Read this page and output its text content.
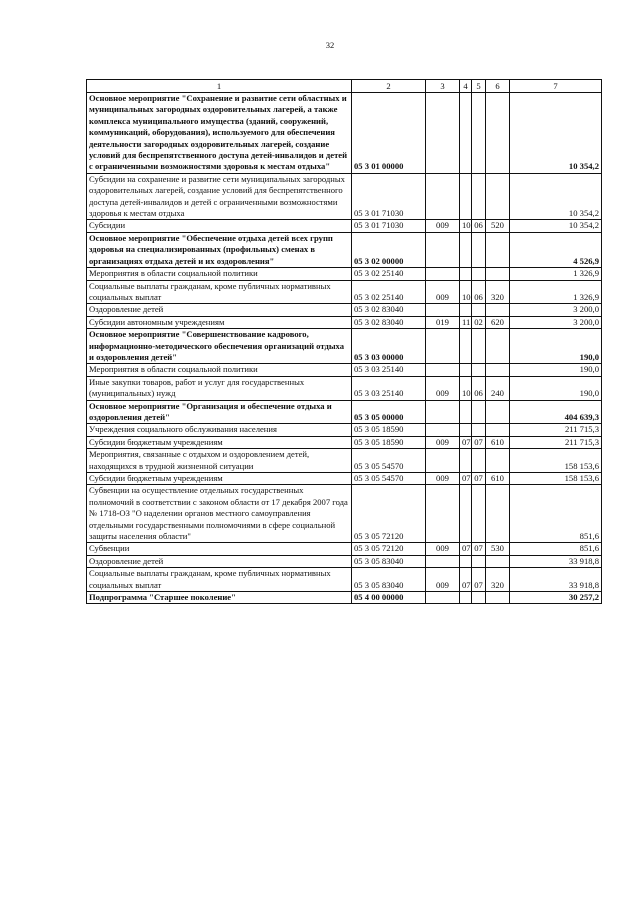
32
1	2	3	4	5	6	7
Основное мероприятие "Сохранение и развитие сети областных и муниципальных загородных оздоровительных лагерей, а также комплекса муниципального имущества (зданий, сооружений, коммуникаций, оборудования), используемого для обеспечения деятельности загородных оздоровительных лагерей, создание условий для беспрепятственного доступа детей-инвалидов и детей с ограниченными возможностями здоровья к местам отдыха"	05 3 01 00000					10 354,2
Субсидии на сохранение и развитие сети муниципальных загородных оздоровительных лагерей, создание условий для беспрепятственного доступа детей-инвалидов и детей с ограниченными возможностями здоровья к местам отдыха	05 3 01 71030					10 354,2
Субсидии	05 3 01 71030	009	10	06	520	10 354,2
Основное мероприятие "Обеспечение отдыха детей всех групп здоровья на специализированных (профильных) сменах в организациях отдыха детей и их оздоровления"	05 3 02 00000					4 526,9
Мероприятия в области социальной политики	05 3 02 25140					1 326,9
Социальные выплаты гражданам, кроме публичных нормативных социальных выплат	05 3 02 25140	009	10	06	320	1 326,9
Оздоровление детей	05 3 02 83040					3 200,0
Субсидии автономным учреждениям	05 3 02 83040	019	11	02	620	3 200,0
Основное мероприятие "Совершенствование кадрового, информационно-методического обеспечения организаций отдыха и оздоровления детей"	05 3 03 00000					190,0
Мероприятия в области социальной политики	05 3 03 25140					190,0
Иные закупки товаров, работ и услуг для государственных (муниципальных) нужд	05 3 03 25140	009	10	06	240	190,0
Основное мероприятие "Организация и обеспечение отдыха и оздоровления детей"	05 3 05 00000					404 639,3
Учреждения социального обслуживания населения	05 3 05 18590					211 715,3
Субсидии бюджетным учреждениям	05 3 05 18590	009	07	07	610	211 715,3
Мероприятия, связанные с отдыхом и оздоровлением детей, находящихся в трудной жизненной ситуации	05 3 05 54570					158 153,6
Субсидии бюджетным учреждениям	05 3 05 54570	009	07	07	610	158 153,6
Субвенции на осуществление отдельных государственных полномочий в соответствии с законом области от 17 декабря 2007 года № 1718-ОЗ "О наделении органов местного самоуправления отдельными государственными полномочиями в сфере социальной защиты населения области"	05 3 05 72120					851,6
Субвенции	05 3 05 72120	009	07	07	530	851,6
Оздоровление детей	05 3 05 83040					33 918,8
Социальные выплаты гражданам, кроме публичных нормативных социальных выплат	05 3 05 83040	009	07	07	320	33 918,8
Подпрограмма "Старшее поколение"	05 4 00 00000					30 257,2
